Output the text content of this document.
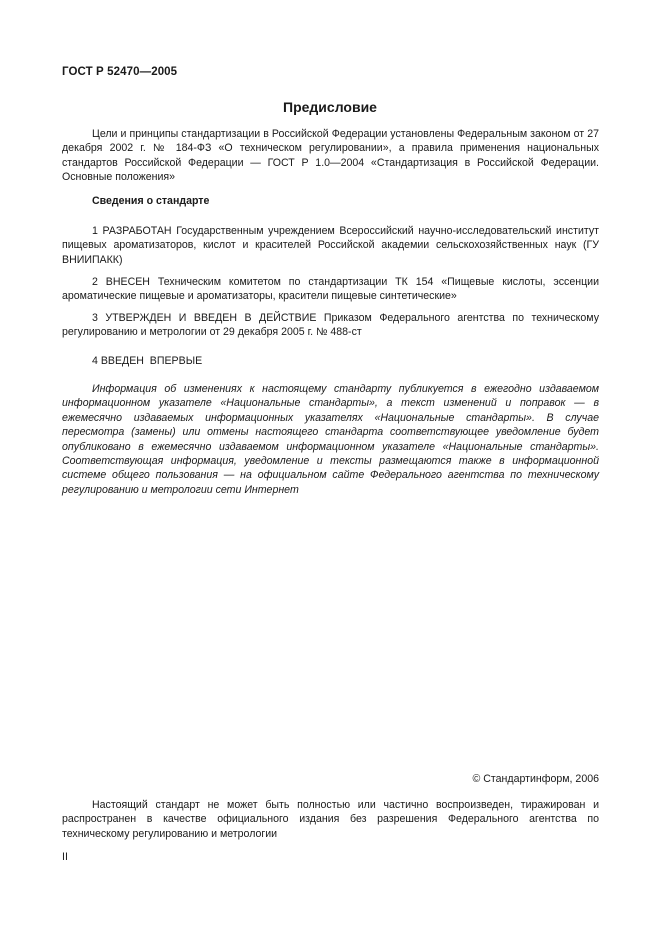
ГОСТ Р 52470—2005
Предисловие

Цели и принципы стандартизации в Российской Федерации установлены Федеральным законом от 27 декабря 2002 г. № 184-ФЗ «О техническом регулировании», а правила применения национальных стандартов Российской Федерации — ГОСТ Р 1.0—2004 «Стандартизация в Российской Федерации. Основные положения»

Сведения о стандарте

1 РАЗРАБОТАН Государственным учреждением Всероссийский научно-исследовательский институт пищевых ароматизаторов, кислот и красителей Российской академии сельскохозяйственных наук (ГУ ВНИИПАКК)

2 ВНЕСЕН Техническим комитетом по стандартизации ТК 154 «Пищевые кислоты, эссенции ароматические пищевые и ароматизаторы, красители пищевые синтетические»

3 УТВЕРЖДЕН И ВВЕДЕН В ДЕЙСТВИЕ Приказом Федерального агентства по техническому регулированию и метрологии от 29 декабря 2005 г. № 488-ст

4 ВВЕДЕН  ВПЕРВЫЕ

Информация об изменениях к настоящему стандарту публикуется в ежегодно издаваемом информационном указателе «Национальные стандарты», а текст изменений и поправок — в ежемесячно издаваемых информационных указателях «Национальные стандарты». В случае пересмотра (замены) или отмены настоящего стандарта соответствующее уведомление будет опубликовано в ежемесячно издаваемом информационном указателе «Национальные стандарты». Соответствующая информация, уведомление и тексты размещаются также в информационной системе общего пользования — на официальном сайте Федерального агентства по техническому регулированию и метрологии сети Интернет

© Стандартинформ, 2006

Настоящий стандарт не может быть полностью или частично воспроизведен, тиражирован и распространен в качестве официального издания без разрешения Федерального агентства по техническому регулированию и метрологии

II
